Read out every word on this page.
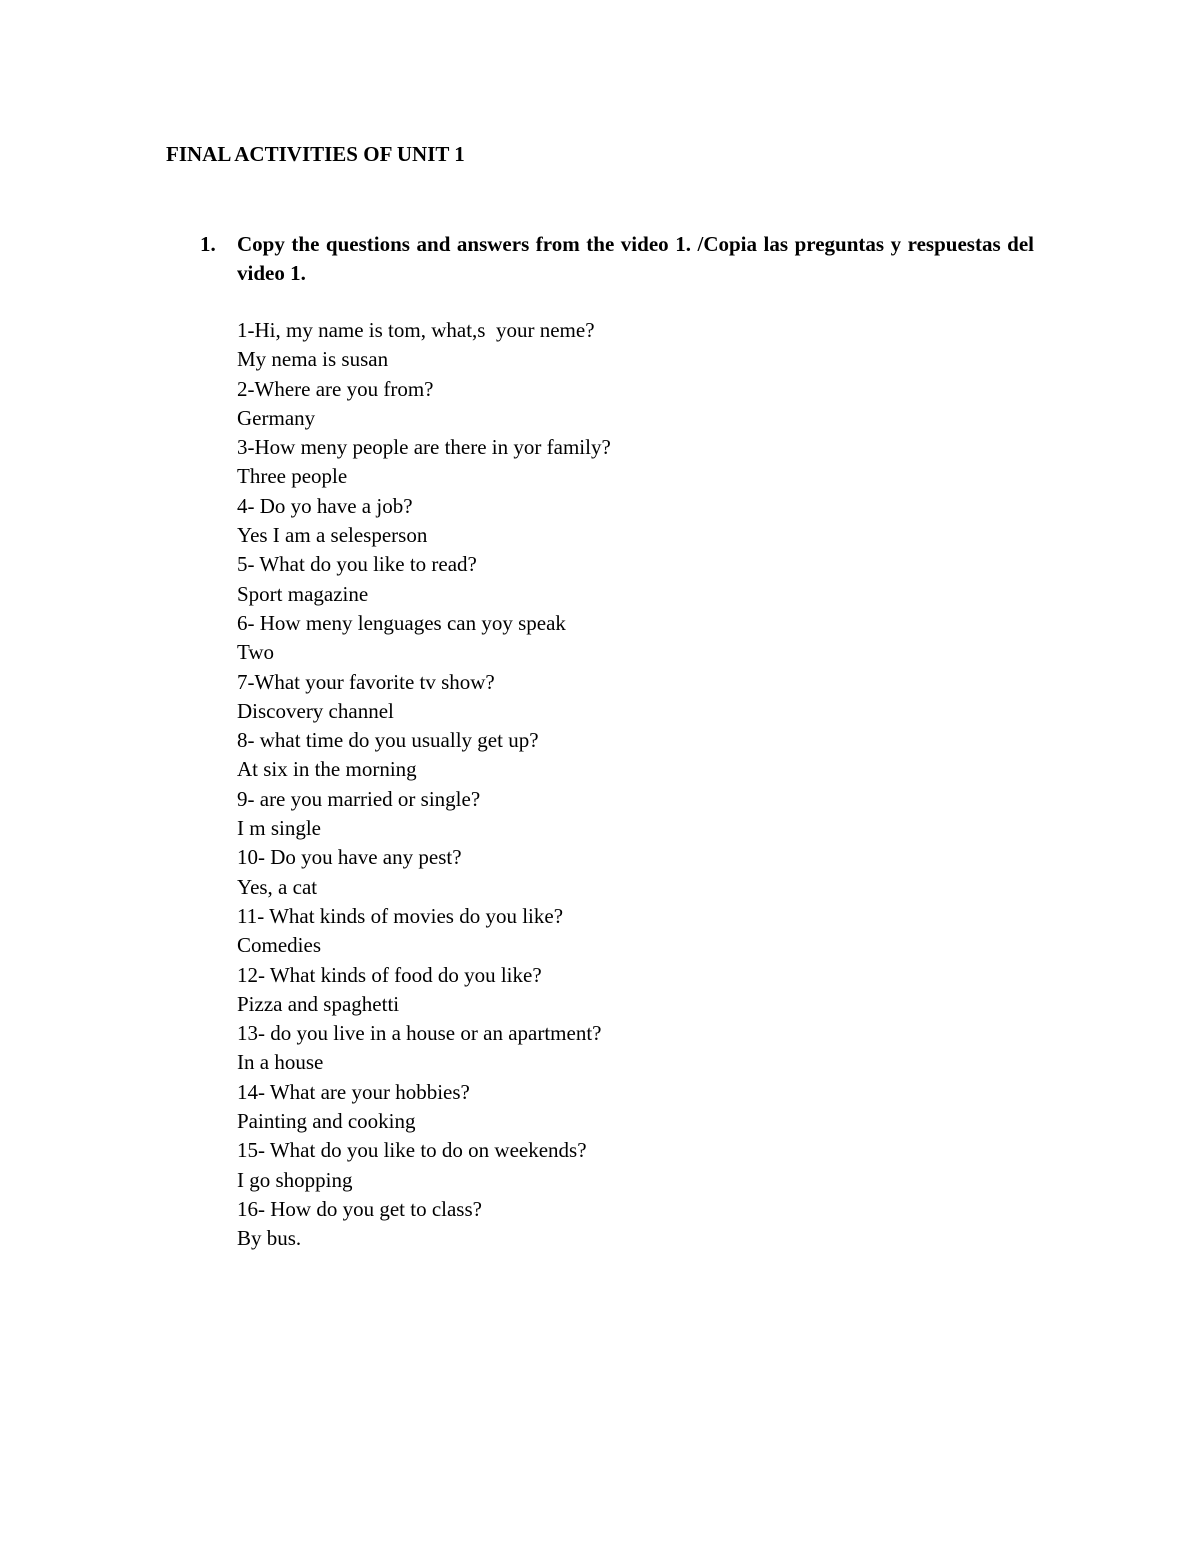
FINAL ACTIVITIES OF UNIT 1
1. Copy the questions and answers from the video 1. /Copia las preguntas y respuestas del video 1.
1-Hi, my name is tom, what,s  your neme?
My nema is susan
2-Where are you from?
Germany
3-How meny people are there in yor family?
Three people
4- Do yo have a job?
Yes I am a selesperson
5- What do you like to read?
Sport magazine
6- How meny lenguages can yoy speak
Two
7-What your favorite tv show?
Discovery channel
8- what time do you usually get up?
At six in the morning
9- are you married or single?
I m single
10- Do you have any pest?
Yes, a cat
11- What kinds of movies do you like?
Comedies
12- What kinds of food do you like?
Pizza and spaghetti
13- do you live in a house or an apartment?
In a house
14- What are your hobbies?
Painting and cooking
15- What do you like to do on weekends?
I go shopping
16- How do you get to class?
By bus.
